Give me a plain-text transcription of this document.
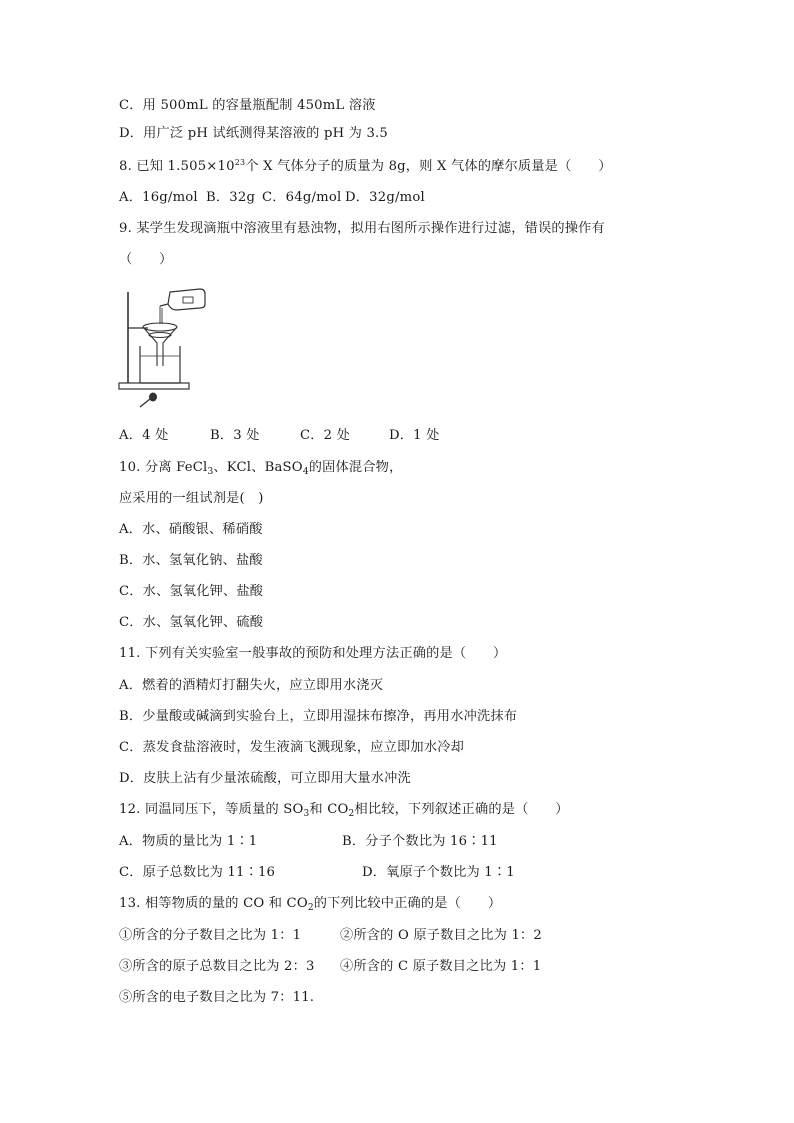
C．用 500mL 的容量瓶配制 450mL 溶液
D．用广泛 pH 试纸测得某溶液的 pH 为 3.5
8. 已知 $1.505\times 10^{23}$个 X 气体分子的质量为 8g，则 X 气体的摩尔质量是（　　）
A．16g/mol B．32g C．64g/mol D．32g/mol
9. 某学生发现滴瓶中溶液里有悬浊物，拟用右图所示操作进行过滤，错误的操作有
（　　）
A．4 处	B．3 处	C．2 处	D．1 处
10. 分离 FeCl$_3$、KCl、BaSO$_4$的固体混合物，
应采用的一组试剂是(　)
A．水、硝酸银、稀硝酸
B．水、氢氧化钠、盐酸
C．水、氢氧化钾、盐酸
C．水、氢氧化钾、硫酸
11. 下列有关实验室一般事故的预防和处理方法正确的是（　　）
A．燃着的酒精灯打翻失火，应立即用水浇灭
B．少量酸或碱滴到实验台上，立即用湿抹布擦净，再用水冲洗抹布
C．蒸发食盐溶液时，发生液滴飞溅现象，应立即加水冷却
D．皮肤上沾有少量浓硫酸，可立即用大量水冲洗
12. 同温同压下，等质量的 $SO_3$和 $CO_2$相比较，下列叙述正确的是（　　）
A．物质的量比为 1∶1	B．分子个数比为 16∶11
C．原子总数比为 11∶16	D．氧原子个数比为 1∶1
13. 相等物质的量的 CO 和 $CO_2$的下列比较中正确的是（　　）
①所含的分子数目之比为 1：1	②所含的 O 原子数目之比为 1：2
③所含的原子总数目之比为 2：3 ④所含的 C 原子数目之比为 1：1
⑤所含的电子数目之比为 7：11.
